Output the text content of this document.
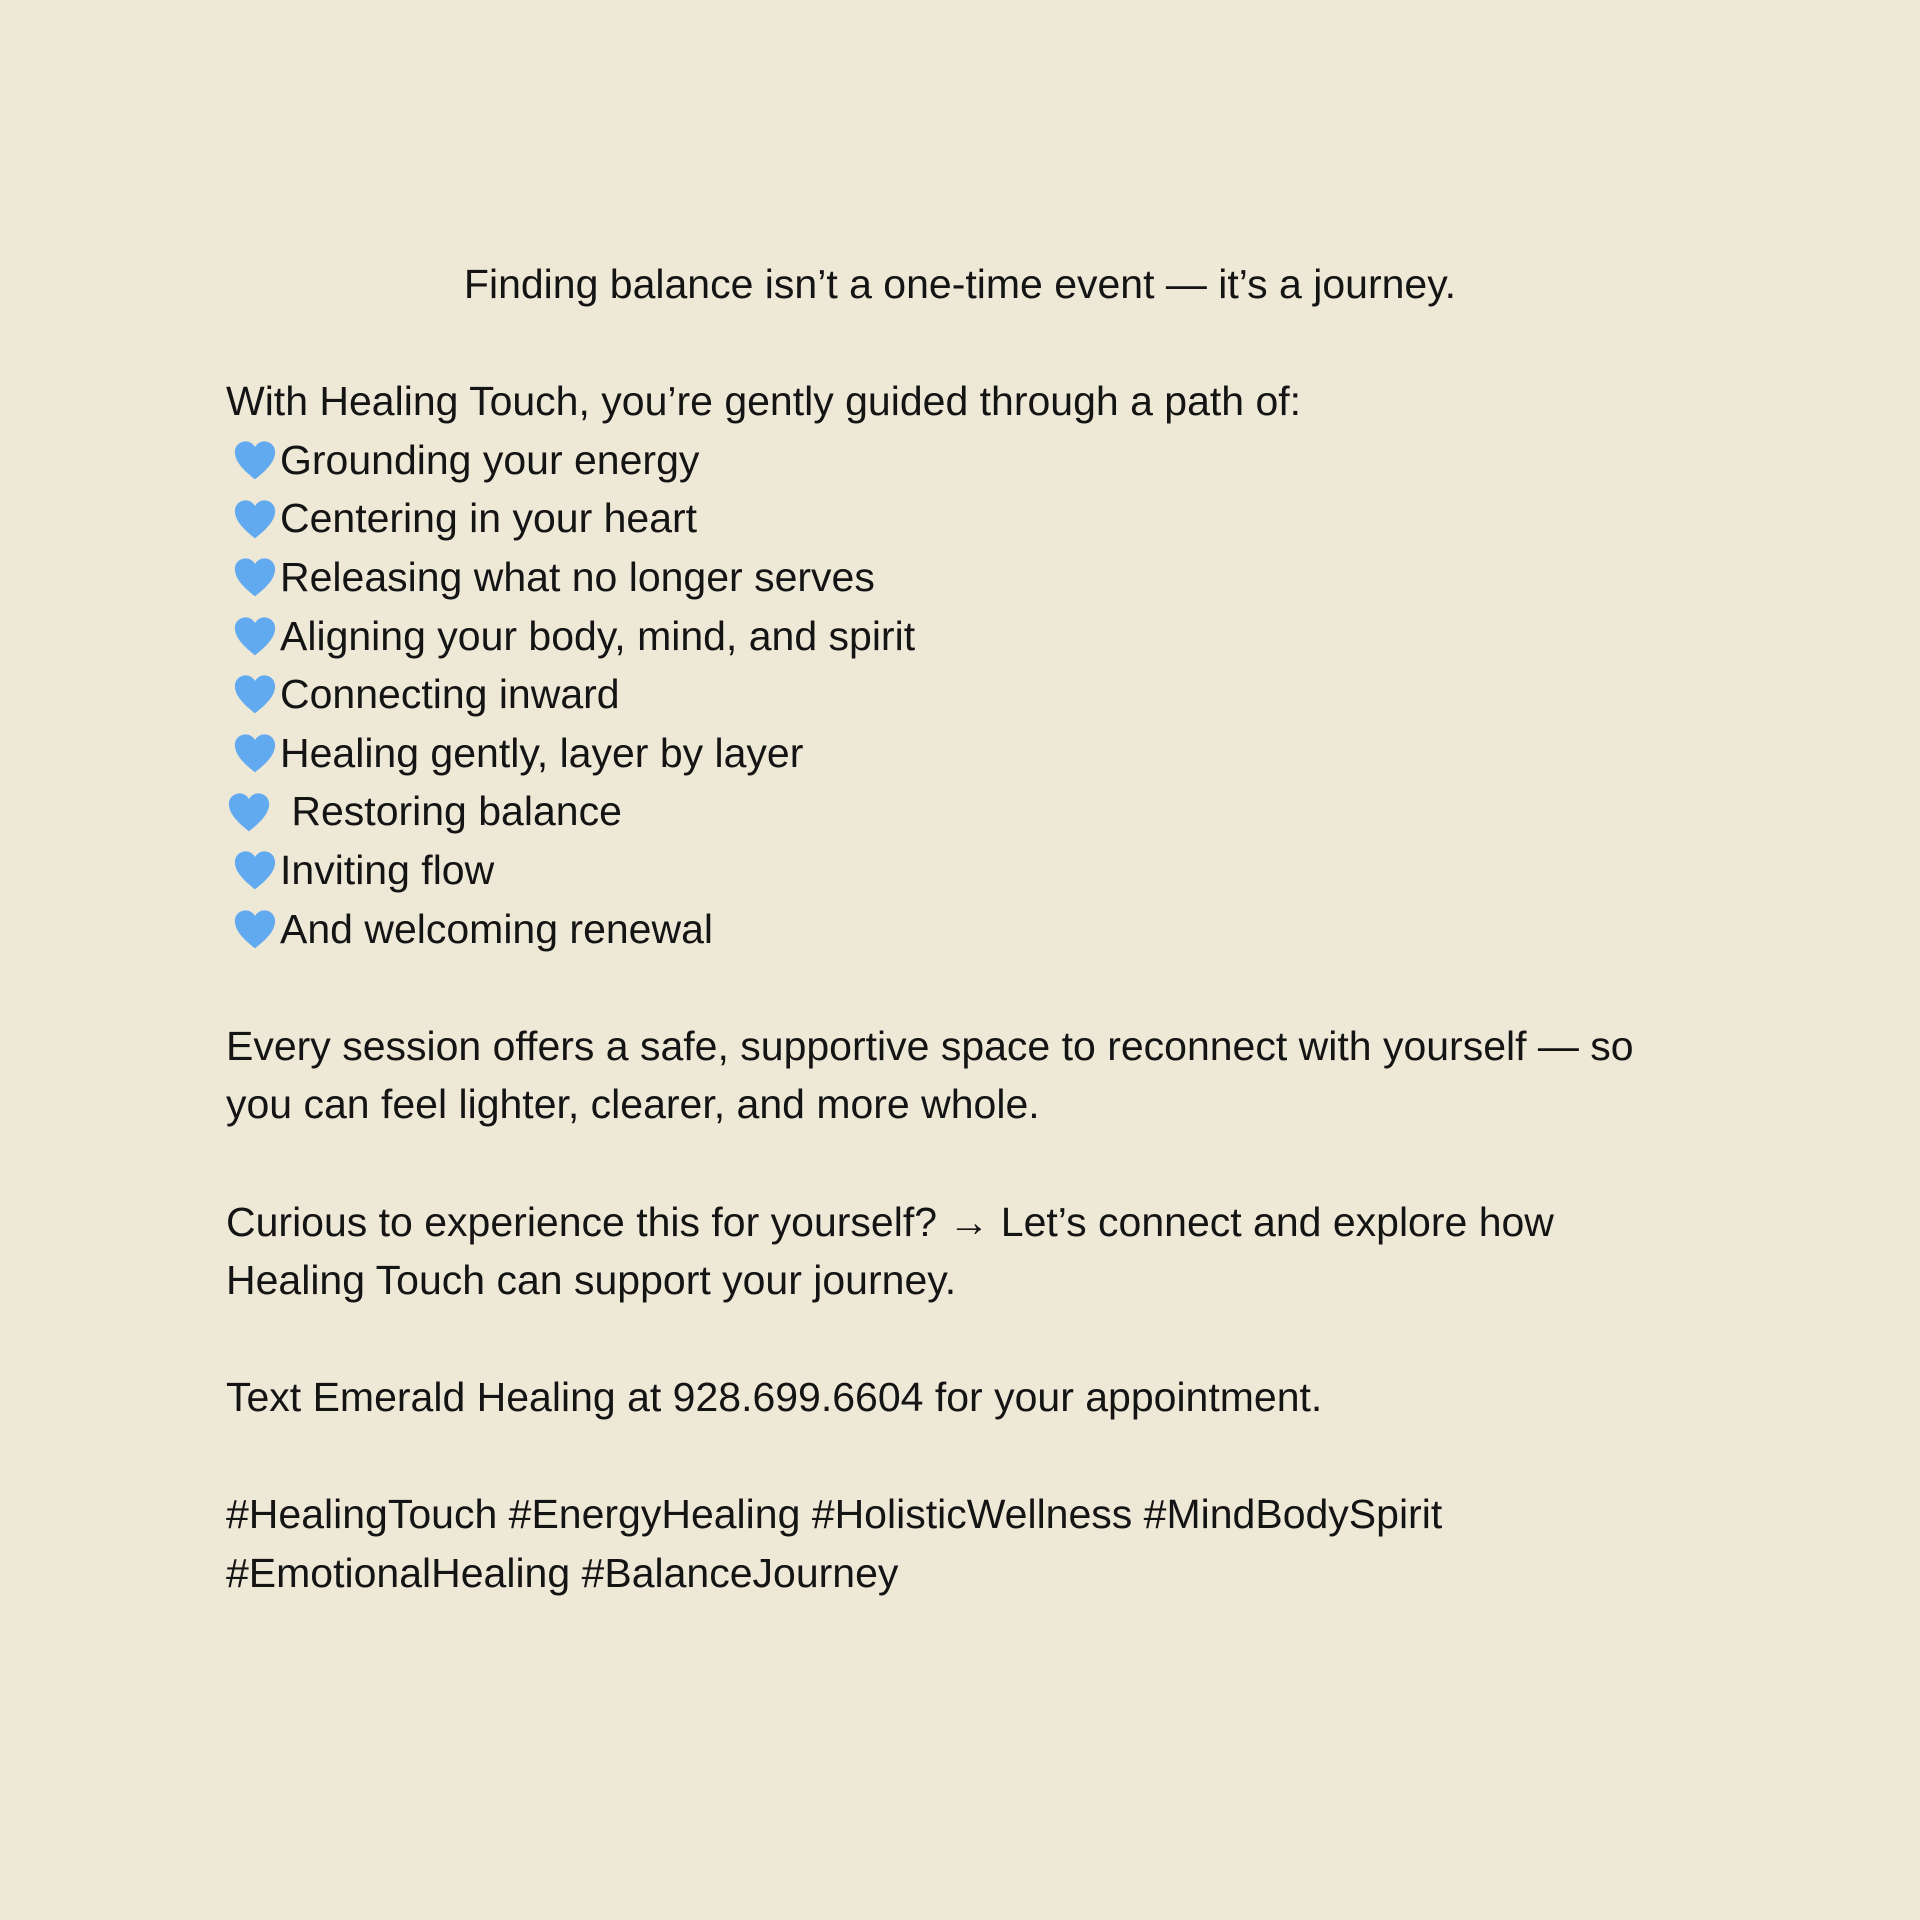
Finding balance isn’t a one-time event — it’s a journey.
With Healing Touch, you’re gently guided through a path of:
Grounding your energy
Centering in your heart
Releasing what no longer serves
Aligning your body, mind, and spirit
Connecting inward
Healing gently, layer by layer
Restoring balance
Inviting flow
And welcoming renewal
Every session offers a safe, supportive space to reconnect with yourself — so
you can feel lighter, clearer, and more whole.
Curious to experience this for yourself? → Let’s connect and explore how
Healing Touch can support your journey.
Text Emerald Healing at 928.699.6604 for your appointment.
#HealingTouch #EnergyHealing #HolisticWellness #MindBodySpirit
#EmotionalHealing #BalanceJourney
